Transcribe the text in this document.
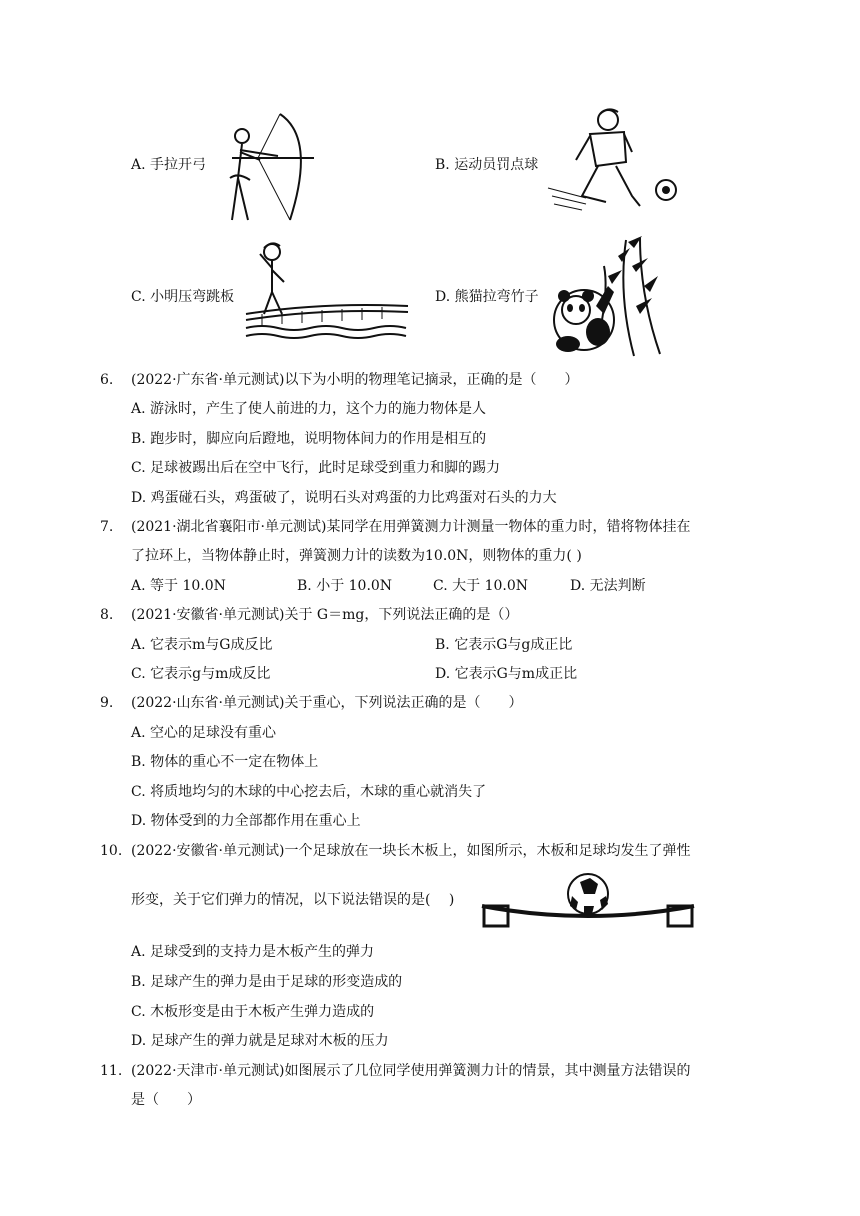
A. 手拉开弓	B. 运动员罚点球
C. 小明压弯跳板	D. 熊猫拉弯竹子
6. (2022·广东省·单元测试)以下为小明的物理笔记摘录，正确的是（　　）
A. 游泳时，产生了使人前进的力，这个力的施力物体是人
B. 跑步时，脚应向后蹬地，说明物体间力的作用是相互的
C. 足球被踢出后在空中飞行，此时足球受到重力和脚的踢力
D. 鸡蛋碰石头，鸡蛋破了，说明石头对鸡蛋的力比鸡蛋对石头的力大
7. (2021·湖北省襄阳市·单元测试)某同学在用弹簧测力计测量一物体的重力时，错将物体挂在
了拉环上，当物体静止时，弹簧测力计的读数为10.0N，则物体的重力( )
A. 等于 10.0N	B. 小于 10.0N	C. 大于 10.0N	D. 无法判断
8. (2021·安徽省·单元测试)关于 G＝mg，下列说法正确的是（）
A. 它表示m与G成反比	B. 它表示G与g成正比
C. 它表示g与m成反比	D. 它表示G与m成正比
9. (2022·山东省·单元测试)关于重心，下列说法正确的是（　　）
A. 空心的足球没有重心
B. 物体的重心不一定在物体上
C. 将质地均匀的木球的中心挖去后，木球的重心就消失了
D. 物体受到的力全部都作用在重心上
10. (2022·安徽省·单元测试)一个足球放在一块长木板上，如图所示，木板和足球均发生了弹性
形变，关于它们弹力的情况，以下说法错误的是(　 )
A. 足球受到的支持力是木板产生的弹力
B. 足球产生的弹力是由于足球的形变造成的
C. 木板形变是由于木板产生弹力造成的
D. 足球产生的弹力就是足球对木板的压力
11. (2022·天津市·单元测试)如图展示了几位同学使用弹簧测力计的情景，其中测量方法错误的
是（　　）
